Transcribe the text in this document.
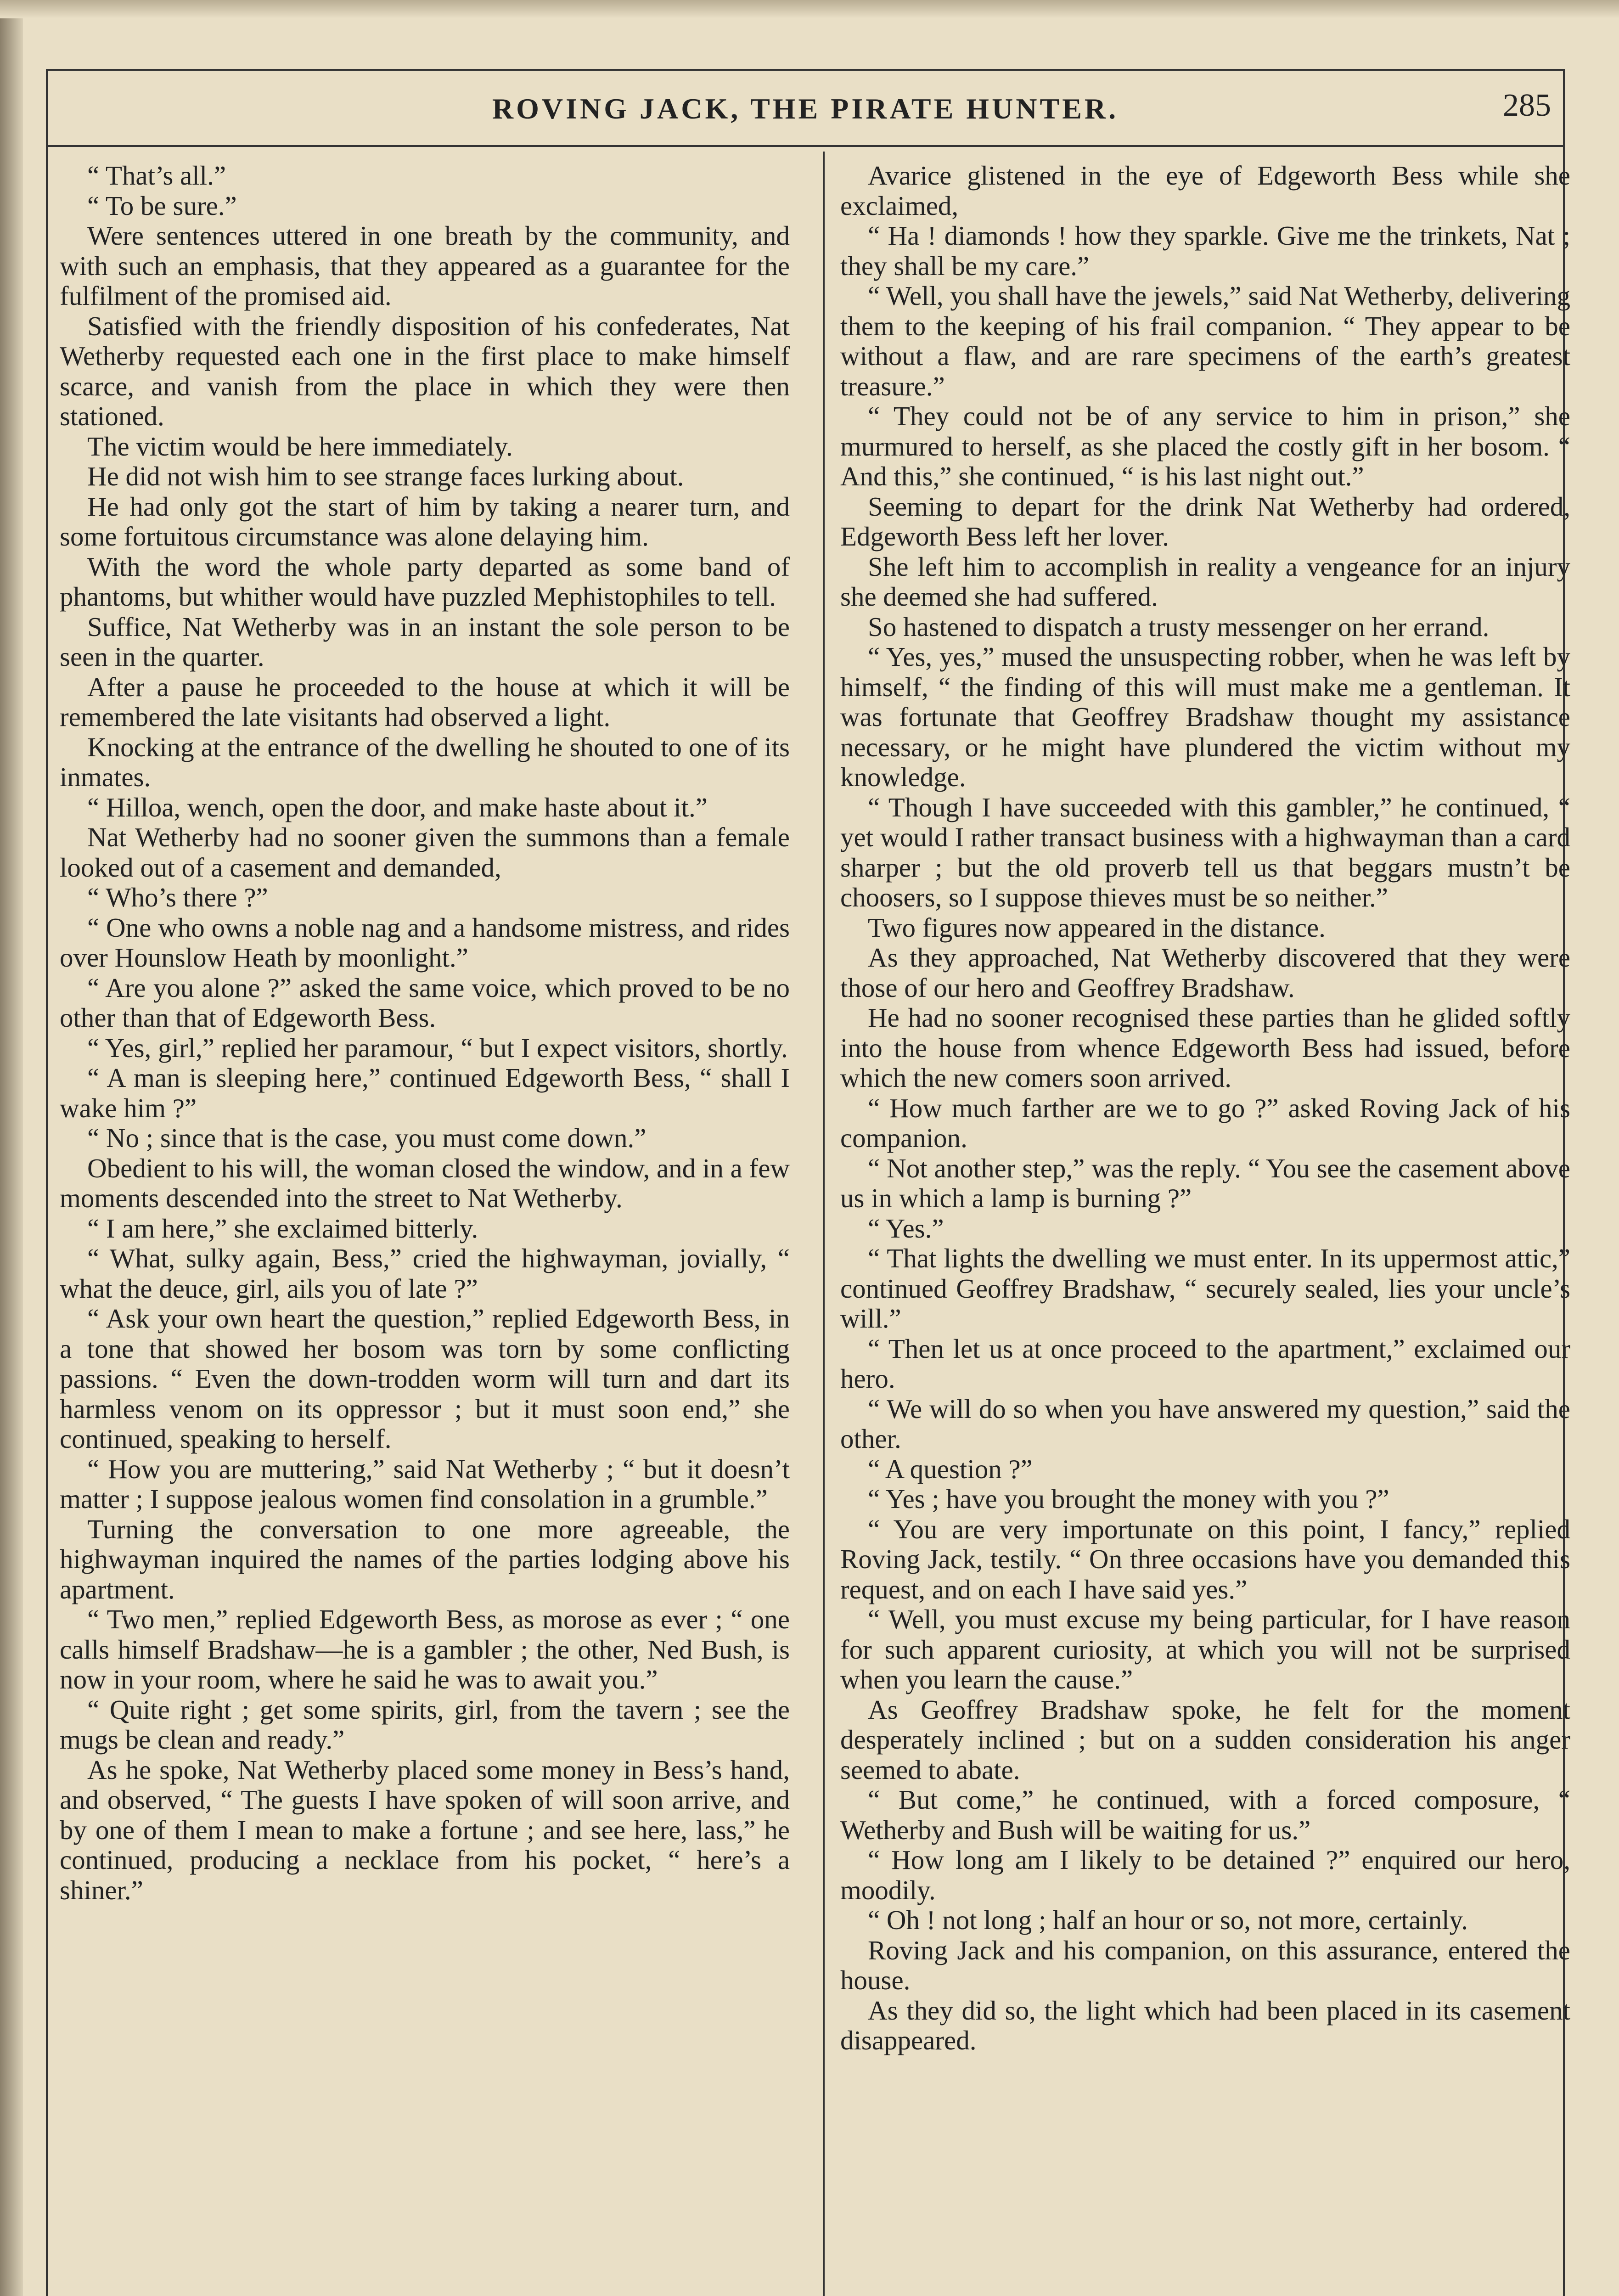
ROVING JACK, THE PIRATE HUNTER.	285

“ That’s all.”

“ To be sure.”

Were sentences uttered in one breath by the community, and with such an emphasis, that they appeared as a guarantee for the fulfilment of the promised aid.

Satisfied with the friendly disposition of his confederates, Nat Wetherby requested each one in the first place to make himself scarce, and vanish from the place in which they were then stationed.

The victim would be here immediately.

He did not wish him to see strange faces lurking about.

He had only got the start of him by taking a nearer turn, and some fortuitous circumstance was alone delaying him.

With the word the whole party departed as some band of phantoms, but whither would have puzzled Mephistophiles to tell.

Suffice, Nat Wetherby was in an instant the sole person to be seen in the quarter.

After a pause he proceeded to the house at which it will be remembered the late visitants had observed a light.

Knocking at the entrance of the dwelling he shouted to one of its inmates.

“ Hilloa, wench, open the door, and make haste about it.”

Nat Wetherby had no sooner given the summons than a female looked out of a casement and demanded,

“ Who’s there ?”

“ One who owns a noble nag and a handsome mistress, and rides over Hounslow Heath by moonlight.”

“ Are you alone ?” asked the same voice, which proved to be no other than that of Edgeworth Bess.

“ Yes, girl,” replied her paramour, “ but I expect visitors, shortly.

“ A man is sleeping here,” continued Edgeworth Bess, “ shall I wake him ?”

“ No ; since that is the case, you must come down.”

Obedient to his will, the woman closed the window, and in a few moments descended into the street to Nat Wetherby.

“ I am here,” she exclaimed bitterly.

“ What, sulky again, Bess,” cried the highwayman, jovially, “ what the deuce, girl, ails you of late ?”

“ Ask your own heart the question,” replied Edgeworth Bess, in a tone that showed her bosom was torn by some conflicting passions. “ Even the down-trodden worm will turn and dart its harmless venom on its oppressor ; but it must soon end,” she continued, speaking to herself.

“ How you are muttering,” said Nat Wetherby ; “ but it doesn’t matter ; I suppose jealous women find consolation in a grumble.”

Turning the conversation to one more agreeable, the highwayman inquired the names of the parties lodging above his apartment.

“ Two men,” replied Edgeworth Bess, as morose as ever ; “ one calls himself Bradshaw—he is a gambler ; the other, Ned Bush, is now in your room, where he said he was to await you.”

“ Quite right ; get some spirits, girl, from the tavern ; see the mugs be clean and ready.”

As he spoke, Nat Wetherby placed some money in Bess’s hand, and observed, “ The guests I have spoken of will soon arrive, and by one of them I mean to make a fortune ; and see here, lass,” he continued, producing a necklace from his pocket, “ here’s a shiner.”

Avarice glistened in the eye of Edgeworth Bess while she exclaimed,

“ Ha ! diamonds ! how they sparkle. Give me the trinkets, Nat ; they shall be my care.”

“ Well, you shall have the jewels,” said Nat Wetherby, delivering them to the keeping of his frail companion. “ They appear to be without a flaw, and are rare specimens of the earth’s greatest treasure.”

“ They could not be of any service to him in prison,” she murmured to herself, as she placed the costly gift in her bosom. “ And this,” she continued, “ is his last night out.”

Seeming to depart for the drink Nat Wetherby had ordered, Edgeworth Bess left her lover.

She left him to accomplish in reality a vengeance for an injury she deemed she had suffered.

So hastened to dispatch a trusty messenger on her errand.

“ Yes, yes,” mused the unsuspecting robber, when he was left by himself, “ the finding of this will must make me a gentleman. It was fortunate that Geoffrey Bradshaw thought my assistance necessary, or he might have plundered the victim without my knowledge.

“ Though I have succeeded with this gambler,” he continued, “ yet would I rather transact business with a highwayman than a card sharper ; but the old proverb tell us that beggars mustn’t be choosers, so I suppose thieves must be so neither.”

Two figures now appeared in the distance.

As they approached, Nat Wetherby discovered that they were those of our hero and Geoffrey Bradshaw.

He had no sooner recognised these parties than he glided softly into the house from whence Edgeworth Bess had issued, before which the new comers soon arrived.

“ How much farther are we to go ?” asked Roving Jack of his companion.

“ Not another step,” was the reply. “ You see the casement above us in which a lamp is burning ?”

“ Yes.”

“ That lights the dwelling we must enter. In its uppermost attic,” continued Geoffrey Bradshaw, “ securely sealed, lies your uncle’s will.”

“ Then let us at once proceed to the apartment,” exclaimed our hero.

“ We will do so when you have answered my question,” said the other.

“ A question ?”

“ Yes ; have you brought the money with you ?”

“ You are very importunate on this point, I fancy,” replied Roving Jack, testily. “ On three occasions have you demanded this request, and on each I have said yes.”

“ Well, you must excuse my being particular, for I have reason for such apparent curiosity, at which you will not be surprised when you learn the cause.”

As Geoffrey Bradshaw spoke, he felt for the moment desperately inclined ; but on a sudden consideration his anger seemed to abate.

“ But come,” he continued, with a forced composure, “ Wetherby and Bush will be waiting for us.”

“ How long am I likely to be detained ?” enquired our hero, moodily.

“ Oh ! not long ; half an hour or so, not more, certainly.

Roving Jack and his companion, on this assurance, entered the house.

As they did so, the light which had been placed in its casement disappeared.
